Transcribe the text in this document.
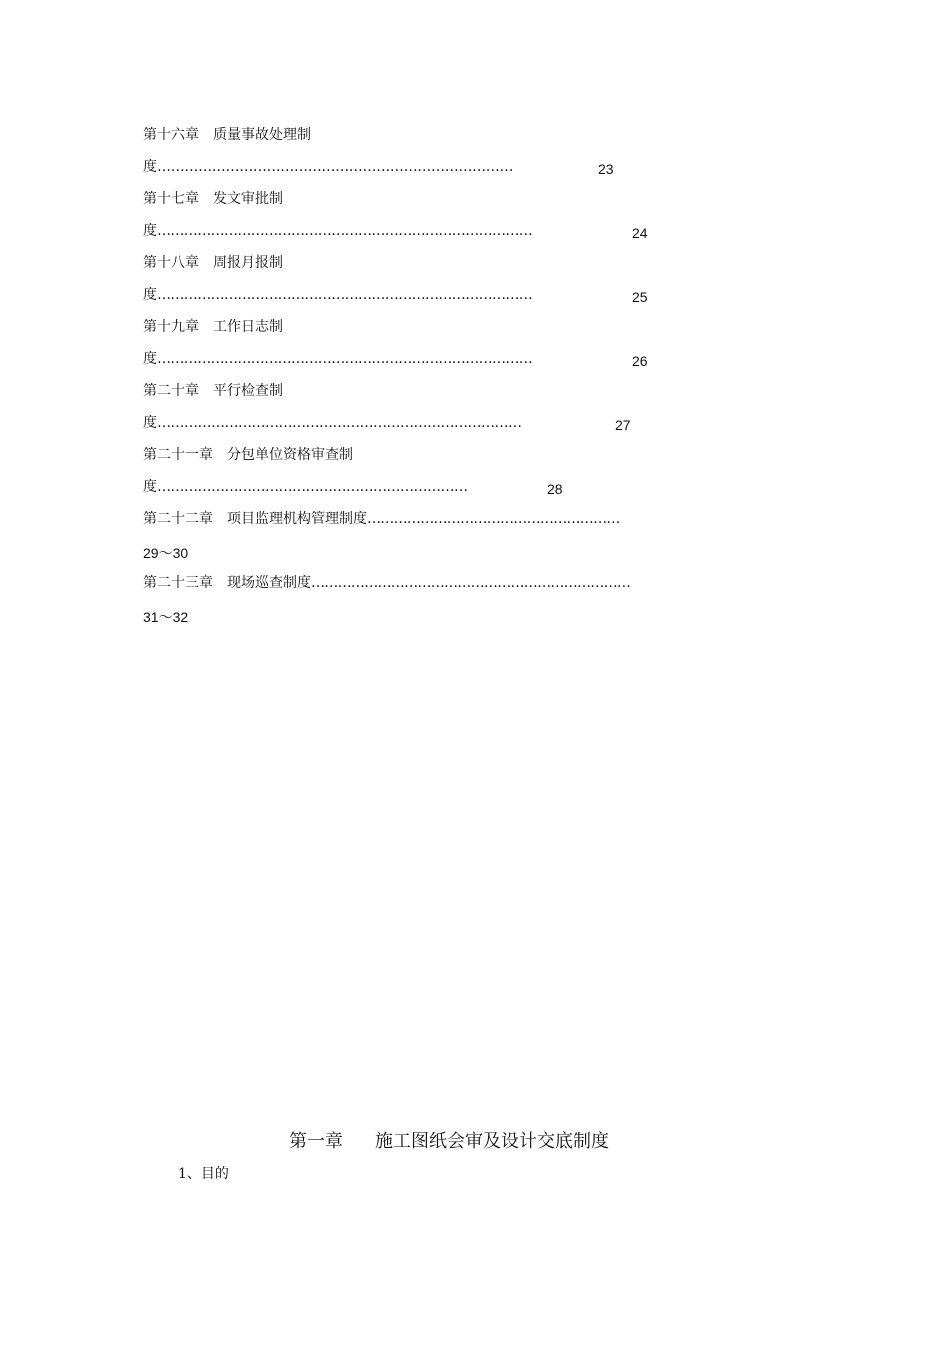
第十六章 质量事故处理制
度……………………………………………………………………	23
第十七章 发文审批制
度…………………………………………………………………………	24
第十八章 周报月报制
度…………………………………………………………………………	25
第十九章 工作日志制
度…………………………………………………………………………	26
第二十章 平行检查制
度………………………………………………………………………	27
第二十一章 分包单位资格审查制
度……………………………………………………………	28
第二十二章 项目监理机构管理制度…………………………………………………
29～30
第二十三章 现场巡查制度………………………………………………………………
31～32
第一章 施工图纸会审及设计交底制度
1、目的
